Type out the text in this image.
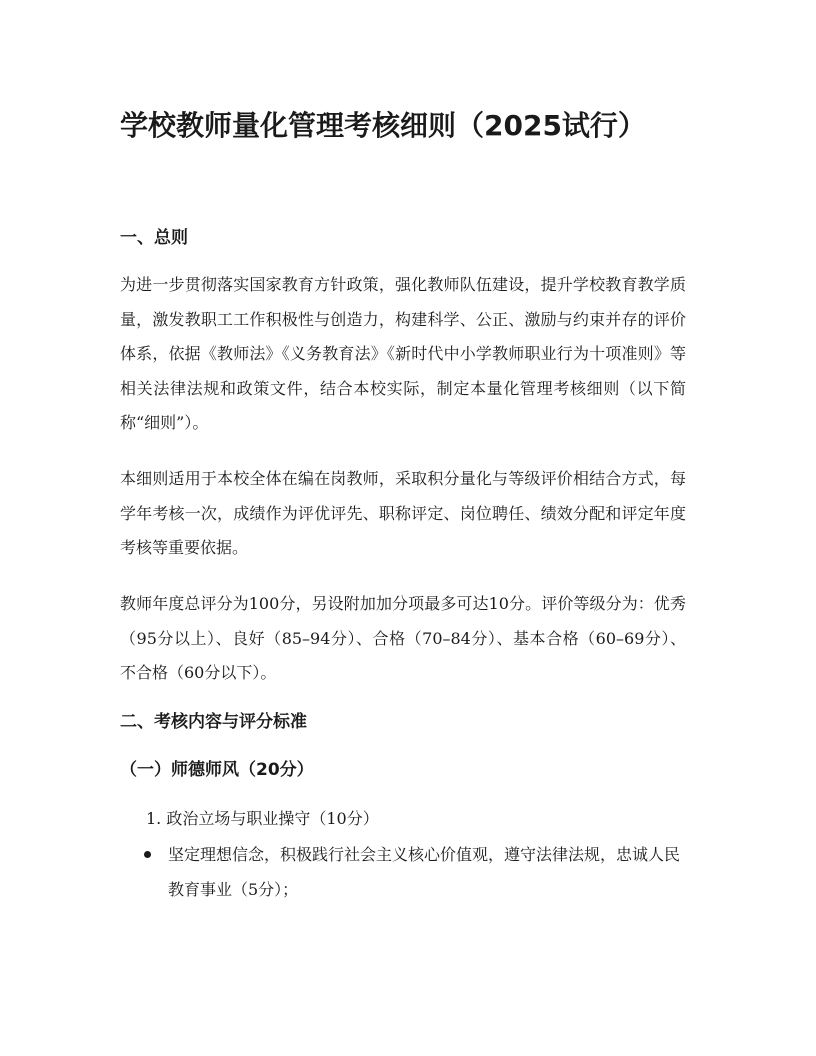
学校教师量化管理考核细则（2025试行）
一、总则

为进一步贯彻落实国家教育方针政策，强化教师队伍建设，提升学校教育教学质量，激发教职工工作积极性与创造力，构建科学、公正、激励与约束并存的评价体系，依据《教师法》《义务教育法》《新时代中小学教师职业行为十项准则》等相关法律法规和政策文件，结合本校实际，制定本量化管理考核细则（以下简称“细则”）。

本细则适用于本校全体在编在岗教师，采取积分量化与等级评价相结合方式，每学年考核一次，成绩作为评优评先、职称评定、岗位聘任、绩效分配和评定年度考核等重要依据。

教师年度总评分为100分，另设附加加分项最多可达10分。评价等级分为：优秀（95分以上）、良好（85–94分）、合格（70–84分）、基本合格（60–69分）、不合格（60分以下）。

二、考核内容与评分标准
（一）师德师风（20分）
1. 政治立场与职业操守（10分）
坚定理想信念，积极践行社会主义核心价值观，遵守法律法规，忠诚人民教育事业（5分）；
